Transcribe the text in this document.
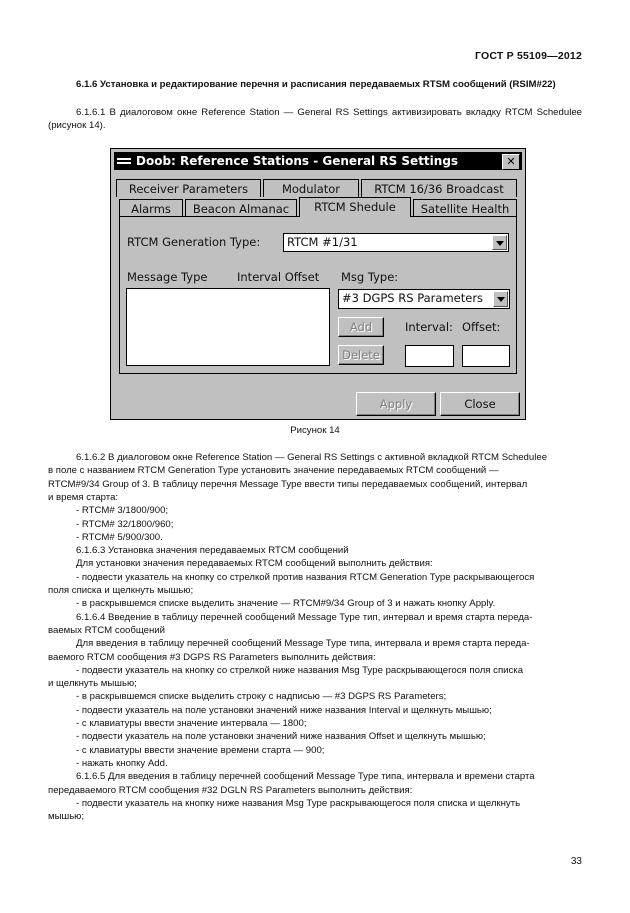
ГОСТ Р 55109—2012
6.1.6 Установка и редактирование перечня и расписания передаваемых RTSM сообщений (RSIM#22)
6.1.6.1 В диалоговом окне Reference Station — General RS Settings активизировать вкладку RTCM Schedulee (рисунок 14).
Doob: Reference Stations - General RS Settings	✕
Receiver Parameters	Modulator	RTCM 16/36 Broadcast
Alarms	Beacon Almanac	RTCM Shedule	Satellite Health
RTCM Generation Type:	RTCM #1/31
Message Type	Interval Offset Msg Type:
#3 DGPS RS Parameters
Add	Interval: Offset:
Delete
Apply	Close
Рисунок 14
6.1.6.2 В диалоговом окне Reference Station — General RS Settings с активной вкладкой RTCM Schedulee
в поле с названием RTCM Generation Type установить значение передаваемых RTCM сообщений —
RTCM#9/34 Group of 3. В таблицу перечня Message Type ввести типы передаваемых сообщений, интервал
и время старта:
- RTCM# 3/1800/900;
- RTCM# 32/1800/960;
- RTCM# 5/900/300.
6.1.6.3 Установка значения передаваемых RTCM сообщений
Для установки значения передаваемых RTCM сообщений выполнить действия:
- подвести указатель на кнопку со стрелкой против названия RTCM Generation Type раскрывающегося
поля списка и щелкнуть мышью;
- в раскрывшемся списке выделить значение — RTCM#9/34 Group of 3 и нажать кнопку Apply.
6.1.6.4 Введение в таблицу перечней сообщений Message Type тип, интервал и время старта переда-
ваемых RTCM сообщений
Для введения в таблицу перечней сообщений Message Type типа, интервала и время старта переда-
ваемого RTCM сообщения #3 DGPS RS Parameters выполнить действия:
- подвести указатель на кнопку со стрелкой ниже названия Msg Type раскрывающегося поля списка
и щелкнуть мышью;
- в раскрывшемся списке выделить строку с надписью — #3 DGPS RS Parameters;
- подвести указатель на поле установки значений ниже названия Interval и щелкнуть мышью;
- с клавиатуры ввести значение интервала — 1800;
- подвести указатель на поле установки значений ниже названия Offset и щелкнуть мышью;
- с клавиатуры ввести значение времени старта — 900;
- нажать кнопку Add.
6.1.6.5 Для введения в таблицу перечней сообщений Message Type типа, интервала и времени старта
передаваемого RTCM сообщения #32 DGLN RS Parameters выполнить действия:
- подвести указатель на кнопку ниже названия Msg Type раскрывающегося поля списка и щелкнуть
мышью;
33
